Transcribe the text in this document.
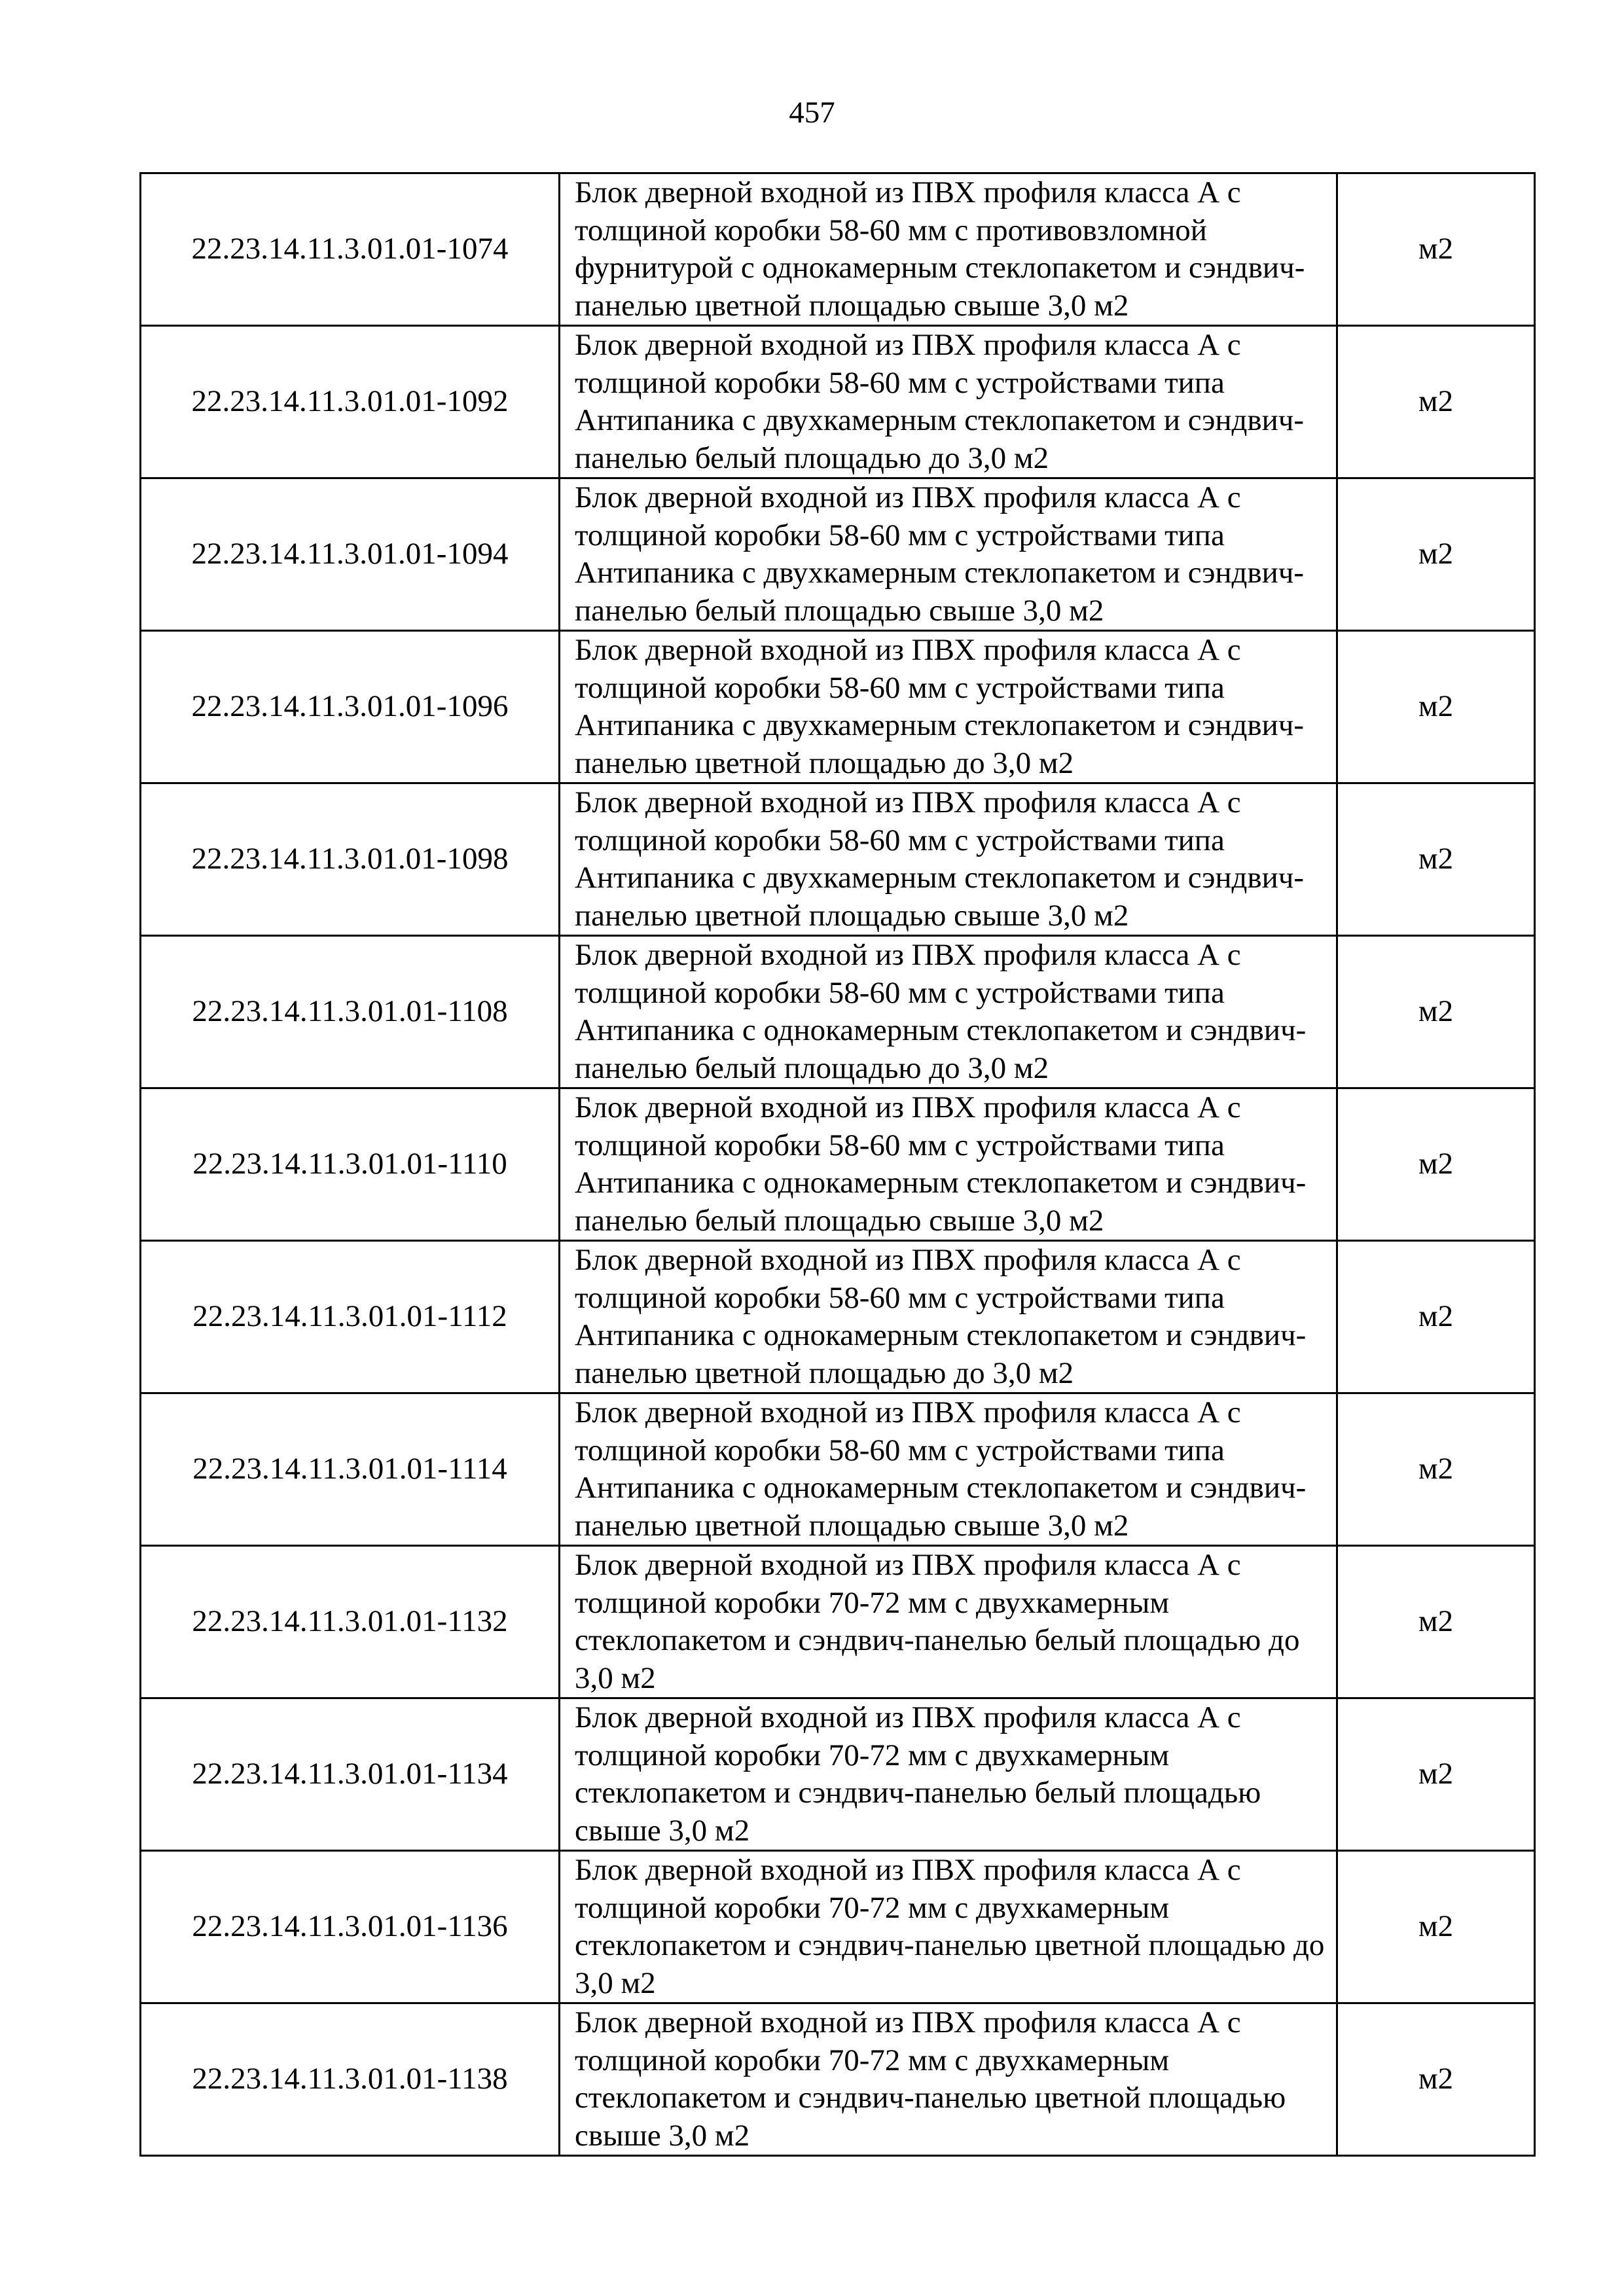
457
22.23.14.11.3.01.01-1074	Блок дверной входной из ПВХ профиля класса А с толщиной коробки 58-60 мм с противовзломной фурнитурой с однокамерным стеклопакетом и сэндвич-панелью цветной площадью свыше 3,0 м2	м2
22.23.14.11.3.01.01-1092	Блок дверной входной из ПВХ профиля класса А с толщиной коробки 58-60 мм с устройствами типа Антипаника с двухкамерным стеклопакетом и сэндвич-панелью белый площадью до 3,0 м2	м2
22.23.14.11.3.01.01-1094	Блок дверной входной из ПВХ профиля класса А с толщиной коробки 58-60 мм с устройствами типа Антипаника с двухкамерным стеклопакетом и сэндвич-панелью белый площадью свыше 3,0 м2	м2
22.23.14.11.3.01.01-1096	Блок дверной входной из ПВХ профиля класса А с толщиной коробки 58-60 мм с устройствами типа Антипаника с двухкамерным стеклопакетом и сэндвич-панелью цветной площадью до 3,0 м2	м2
22.23.14.11.3.01.01-1098	Блок дверной входной из ПВХ профиля класса А с толщиной коробки 58-60 мм с устройствами типа Антипаника с двухкамерным стеклопакетом и сэндвич-панелью цветной площадью свыше 3,0 м2	м2
22.23.14.11.3.01.01-1108	Блок дверной входной из ПВХ профиля класса А с толщиной коробки 58-60 мм с устройствами типа Антипаника с однокамерным стеклопакетом и сэндвич-панелью белый площадью до 3,0 м2	м2
22.23.14.11.3.01.01-1110	Блок дверной входной из ПВХ профиля класса А с толщиной коробки 58-60 мм с устройствами типа Антипаника с однокамерным стеклопакетом и сэндвич-панелью белый площадью свыше 3,0 м2	м2
22.23.14.11.3.01.01-1112	Блок дверной входной из ПВХ профиля класса А с толщиной коробки 58-60 мм с устройствами типа Антипаника с однокамерным стеклопакетом и сэндвич-панелью цветной площадью до 3,0 м2	м2
22.23.14.11.3.01.01-1114	Блок дверной входной из ПВХ профиля класса А с толщиной коробки 58-60 мм с устройствами типа Антипаника с однокамерным стеклопакетом и сэндвич-панелью цветной площадью свыше 3,0 м2	м2
22.23.14.11.3.01.01-1132	Блок дверной входной из ПВХ профиля класса А с толщиной коробки 70-72 мм с двухкамерным стеклопакетом и сэндвич-панелью белый площадью до 3,0 м2	м2
22.23.14.11.3.01.01-1134	Блок дверной входной из ПВХ профиля класса А с толщиной коробки 70-72 мм с двухкамерным стеклопакетом и сэндвич-панелью белый площадью свыше 3,0 м2	м2
22.23.14.11.3.01.01-1136	Блок дверной входной из ПВХ профиля класса А с толщиной коробки 70-72 мм с двухкамерным стеклопакетом и сэндвич-панелью цветной площадью до 3,0 м2	м2
22.23.14.11.3.01.01-1138	Блок дверной входной из ПВХ профиля класса А с толщиной коробки 70-72 мм с двухкамерным стеклопакетом и сэндвич-панелью цветной площадью свыше 3,0 м2	м2
